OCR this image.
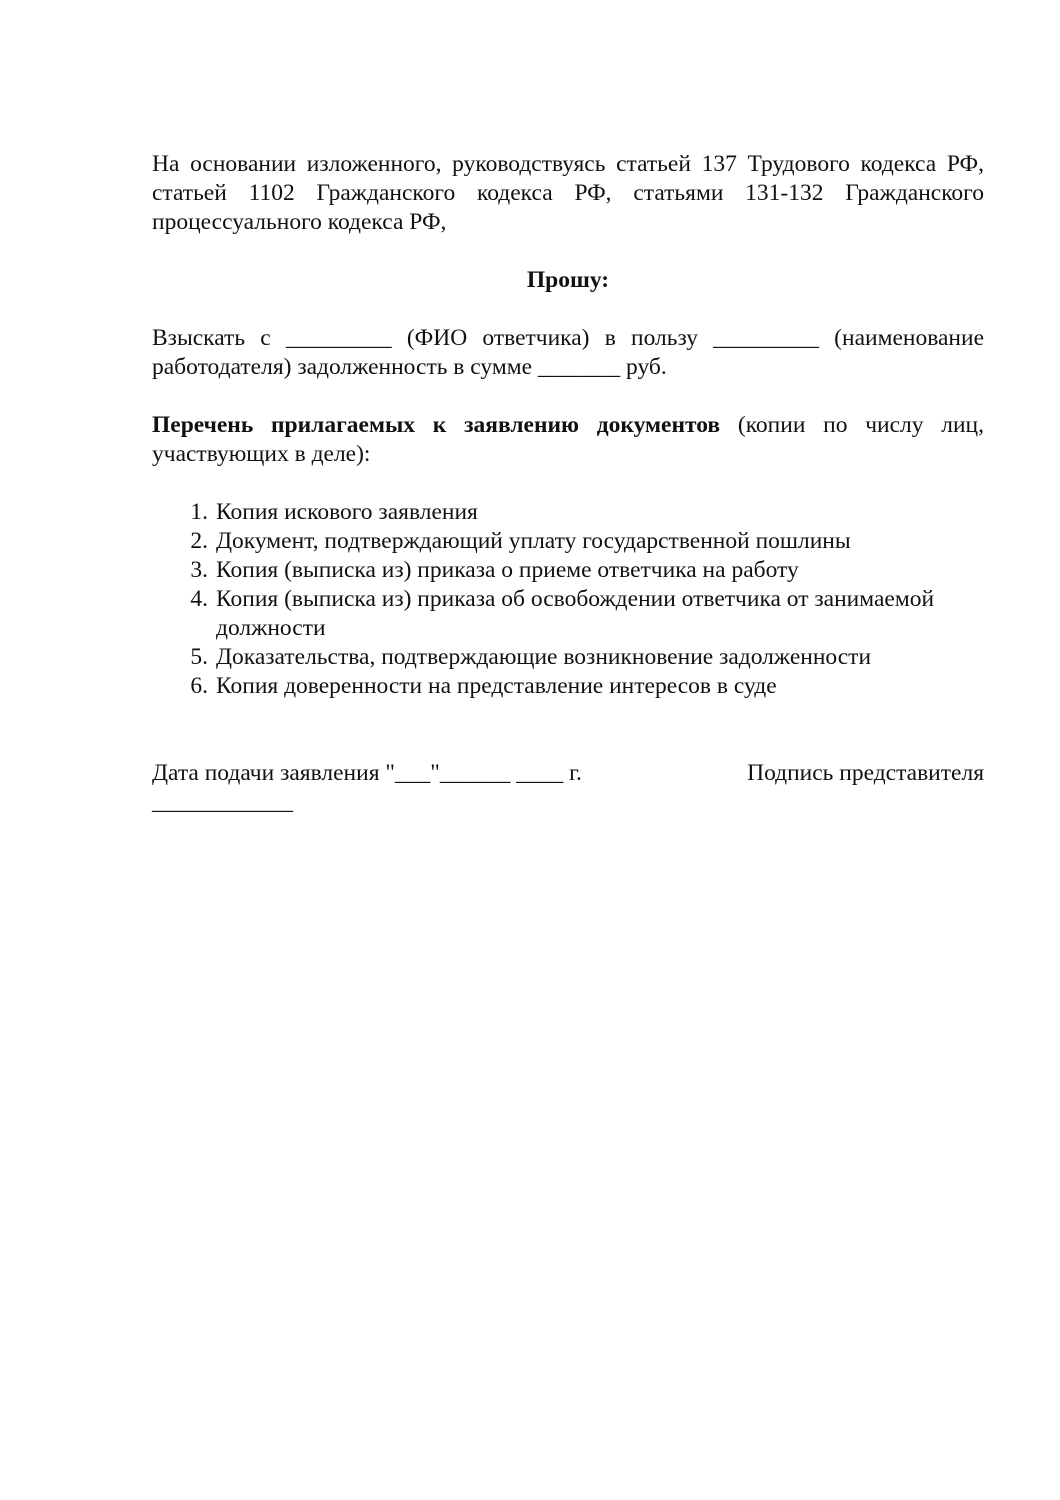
На основании изложенного, руководствуясь статьей 137 Трудового кодекса РФ, статьей 1102 Гражданского кодекса РФ, статьями 131-132 Гражданского процессуального кодекса РФ,

Прошу:

Взыскать с _________ (ФИО ответчика) в пользу _________ (наименование работодателя) задолженность в сумме _______ руб.

Перечень прилагаемых к заявлению документов (копии по числу лиц, участвующих в деле):

1. Копия искового заявления
2. Документ, подтверждающий уплату государственной пошлины
3. Копия (выписка из) приказа о приеме ответчика на работу
4. Копия (выписка из) приказа об освобождении ответчика от занимаемой должности
5. Доказательства, подтверждающие возникновение задолженности
6. Копия доверенности на представление интересов в суде
Дата подачи заявления "___"______ ____ г.	Подпись представителя

____________
